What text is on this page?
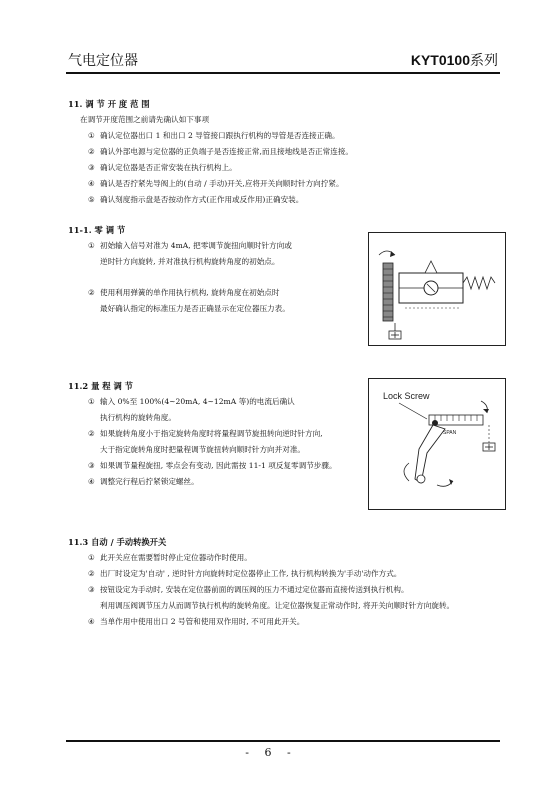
气电定位器	KYT0100系列
11. 调 节 开 度 范 围
在调节开度范围之前请先确认如下事项
① 确认定位器出口 1 和出口 2 导管接口跟执行机构的导管是否连接正确。
② 确认外部电源与定位器的正负端子是否连接正常,而且接地线是否正常连接。
③ 确认定位器是否正常安装在执行机构上。
④ 确认是否拧紧先导阀上的(自动 / 手动)开关,应将开关向顺时针方向拧紧。
⑤ 确认刻度指示盘是否按动作方式(正作用或反作用)正确安装。
11-1. 零 调 节
① 初始输入信号对准为 4mA, 把零调节旋扭向顺时针方向或
逆时针方向旋转, 并对准执行机构旋转角度的初始点。
② 使用利用弹簧的单作用执行机构, 旋转角度在初始点时
最好确认指定的标准压力是否正确显示在定位器压力表。
11.2 量 程 调 节
① 输入 0%至 100%(4~20mA, 4~12mA 等)的电流后确认
执行机构的旋转角度。
② 如果旋转角度小于指定旋转角度时将量程调节旋扭转向逆时针方向,
大于指定旋转角度时把量程调节旋扭转向顺时针方向并对准。
③ 如果调节量程旋扭, 零点会有变动, 因此需按 11-1 项反复零调节步骤。
④ 调整完行程后拧紧锁定螺丝。
Lock Screw
SPAN
11.3 自动 / 手动转换开关
① 此开关应在需要暂时停止定位器动作时使用。
② 出厂时设定为'自动' , 逆时针方向旋转时定位器停止工作, 执行机构转换为'手动'动作方式。
③ 按钮设定为手动时, 安装在定位器前面的调压阀的压力不通过定位器而直接传送到执行机构。
利用调压阀调节压力从而调节执行机构的旋转角度。让定位器恢复正常动作时, 将开关向顺时针方向旋转。
④ 当单作用中使用出口 2 号管和使用双作用时, 不可用此开关。
- 6 -
